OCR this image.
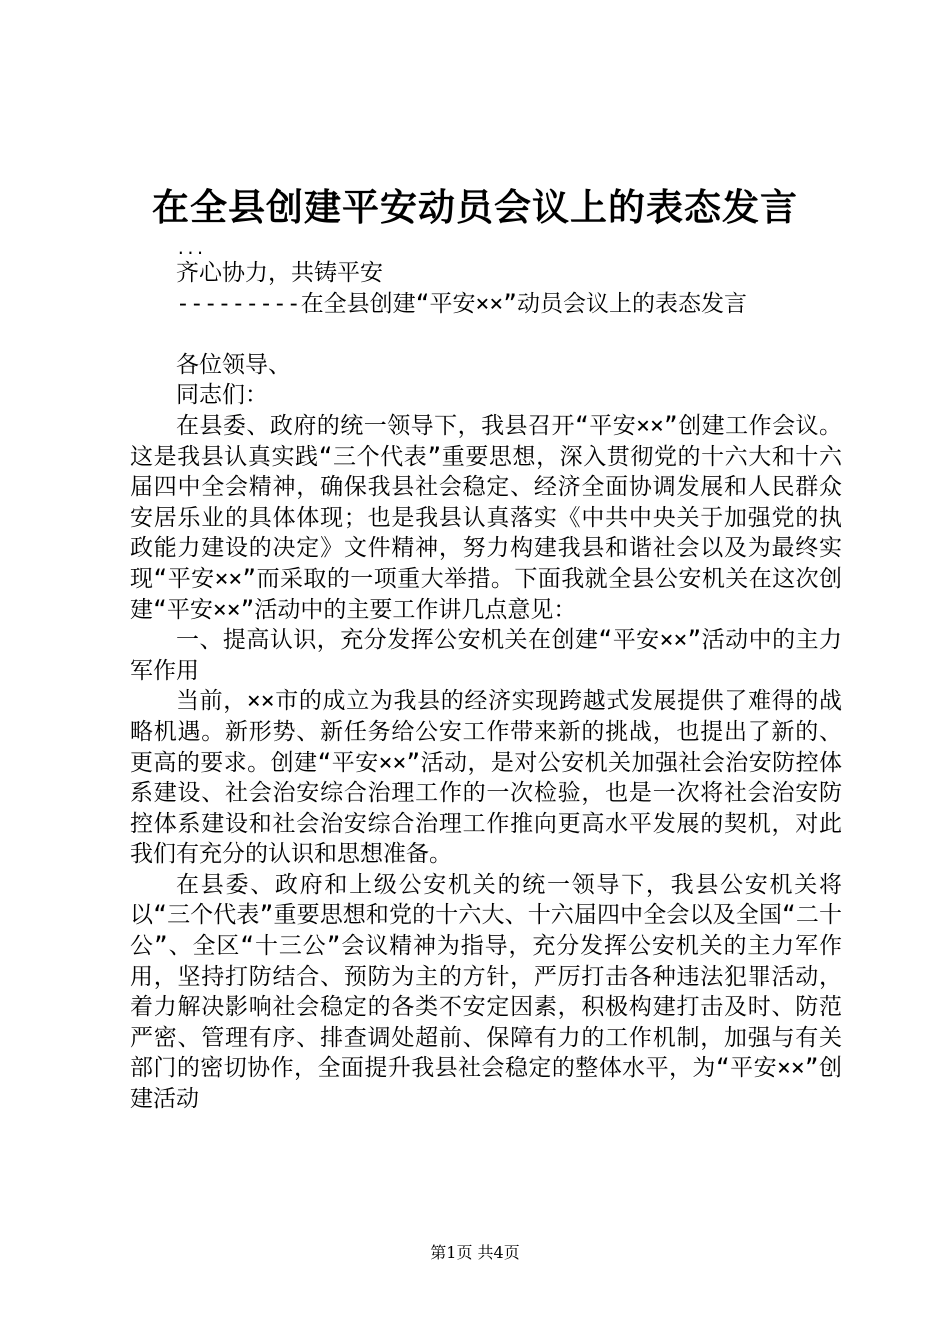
在全县创建平安动员会议上的表态发言
...
齐心协力，共铸平安
---------在全县创建“平安××”动员会议上的表态发言
各位领导、
同志们：
在县委、政府的统一领导下，我县召开“平安××”创建工作会议。这是我县认真实践“三个代表”重要思想，深入贯彻党的十六大和十六届四中全会精神，确保我县社会稳定、经济全面协调发展和人民群众安居乐业的具体体现；也是我县认真落实《中共中央关于加强党的执政能力建设的决定》文件精神，努力构建我县和谐社会以及为最终实现“平安××”而采取的一项重大举措。下面我就全县公安机关在这次创建“平安××”活动中的主要工作讲几点意见：
一、提高认识，充分发挥公安机关在创建“平安××”活动中的主力军作用
当前，××市的成立为我县的经济实现跨越式发展提供了难得的战略机遇。新形势、新任务给公安工作带来新的挑战，也提出了新的、更高的要求。创建“平安××”活动，是对公安机关加强社会治安防控体系建设、社会治安综合治理工作的一次检验，也是一次将社会治安防控体系建设和社会治安综合治理工作推向更高水平发展的契机，对此我们有充分的认识和思想准备。
在县委、政府和上级公安机关的统一领导下，我县公安机关将以“三个代表”重要思想和党的十六大、十六届四中全会以及全国“二十公”、全区“十三公”会议精神为指导，充分发挥公安机关的主力军作用，坚持打防结合、预防为主的方针，严厉打击各种违法犯罪活动，着力解决影响社会稳定的各类不安定因素，积极构建打击及时、防范严密、管理有序、排查调处超前、保障有力的工作机制，加强与有关部门的密切协作，全面提升我县社会稳定的整体水平，为“平安××”创建活动
第1页 共4页
